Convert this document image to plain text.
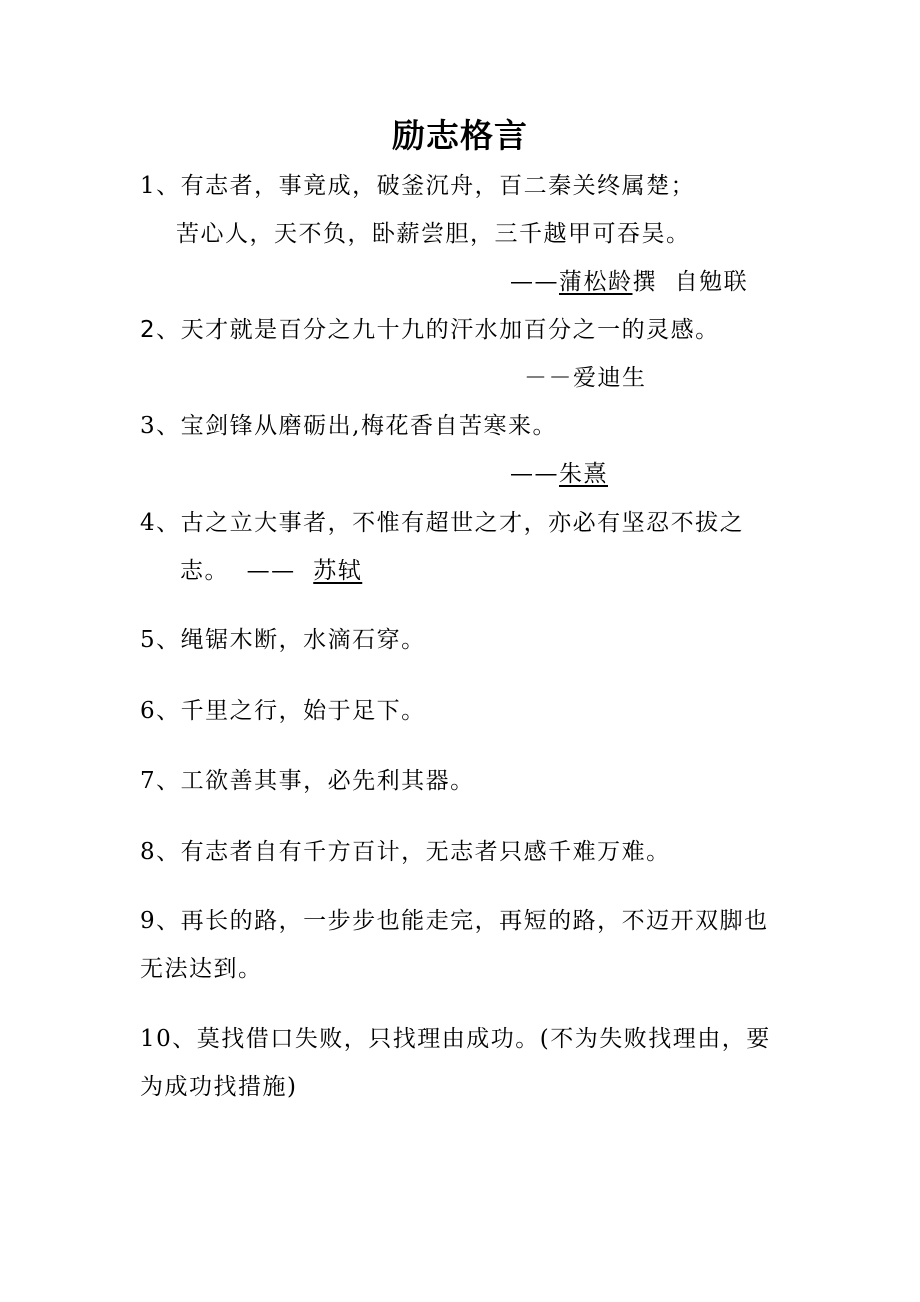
励志格言
1、有志者，事竟成，破釜沉舟，百二秦关终属楚；
苦心人，天不负，卧薪尝胆，三千越甲可吞吴。
——蒲松龄撰  自勉联
2、天才就是百分之九十九的汗水加百分之一的灵感。
－－爱迪生
3、宝剑锋从磨砺出,梅花香自苦寒来。
——朱熹
4、古之立大事者，不惟有超世之才，亦必有坚忍不拔之
志。  ——  苏轼
5、绳锯木断，水滴石穿。
6、千里之行，始于足下。
7、工欲善其事，必先利其器。
8、有志者自有千方百计，无志者只感千难万难。
9、再长的路，一步步也能走完，再短的路，不迈开双脚也
无法达到。
10、莫找借口失败，只找理由成功。(不为失败找理由，要
为成功找措施)
